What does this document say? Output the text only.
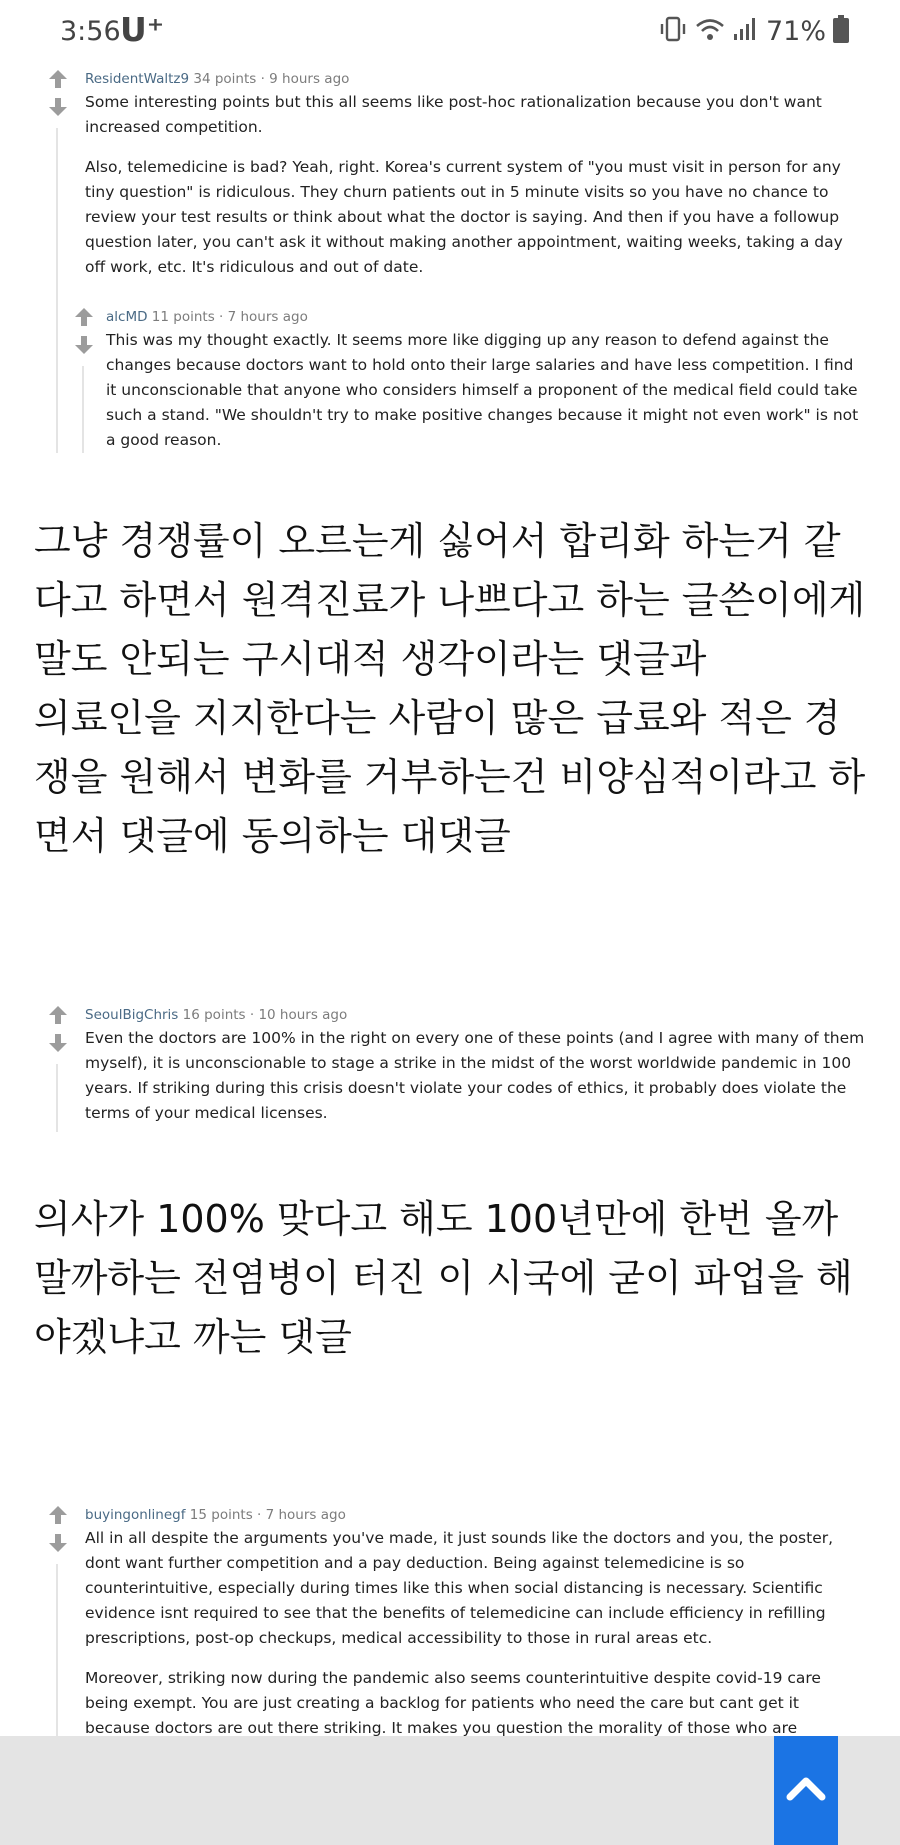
3:56 U⁺	71%
ResidentWaltz9 34 points · 9 hours ago

Some interesting points but this all seems like post-hoc rationalization because you don't want increased competition.

Also, telemedicine is bad? Yeah, right. Korea's current system of "you must visit in person for any tiny question" is ridiculous. They churn patients out in 5 minute visits so you have no chance to review your test results or think about what the doctor is saying. And then if you have a followup question later, you can't ask it without making another appointment, waiting weeks, taking a day off work, etc. It's ridiculous and out of date.

alcMD 11 points · 7 hours ago

This was my thought exactly. It seems more like digging up any reason to defend against the changes because doctors want to hold onto their large salaries and have less competition. I find it unconscionable that anyone who considers himself a proponent of the medical field could take such a stand. "We shouldn't try to make positive changes because it might not even work" is not a good reason.

그냥 경쟁률이 오르는게 싫어서 합리화 하는거 같다고 하면서 원격진료가 나쁘다고 하는 글쓴이에게 말도 안되는 구시대적 생각이라는 댓글과
의료인을 지지한다는 사람이 많은 급료와 적은 경쟁을 원해서 변화를 거부하는건 비양심적이라고 하면서 댓글에 동의하는 대댓글

SeoulBigChris 16 points · 10 hours ago

Even the doctors are 100% in the right on every one of these points (and I agree with many of them myself), it is unconscionable to stage a strike in the midst of the worst worldwide pandemic in 100 years. If striking during this crisis doesn't violate your codes of ethics, it probably does violate the terms of your medical licenses.

의사가 100% 맞다고 해도 100년만에 한번 올까말까하는 전염병이 터진 이 시국에 굳이 파업을 해야겠냐고 까는 댓글

buyingonlinegf 15 points · 7 hours ago

All in all despite the arguments you've made, it just sounds like the doctors and you, the poster, dont want further competition and a pay deduction. Being against telemedicine is so counterintuitive, especially during times like this when social distancing is necessary. Scientific evidence isnt required to see that the benefits of telemedicine can include efficiency in refilling prescriptions, post-op checkups, medical accessibility to those in rural areas etc.

Moreover, striking now during the pandemic also seems counterintuitive despite covid-19 care being exempt. You are just creating a backlog for patients who need the care but cant get it because doctors are out there striking. It makes you question the morality of those who are
